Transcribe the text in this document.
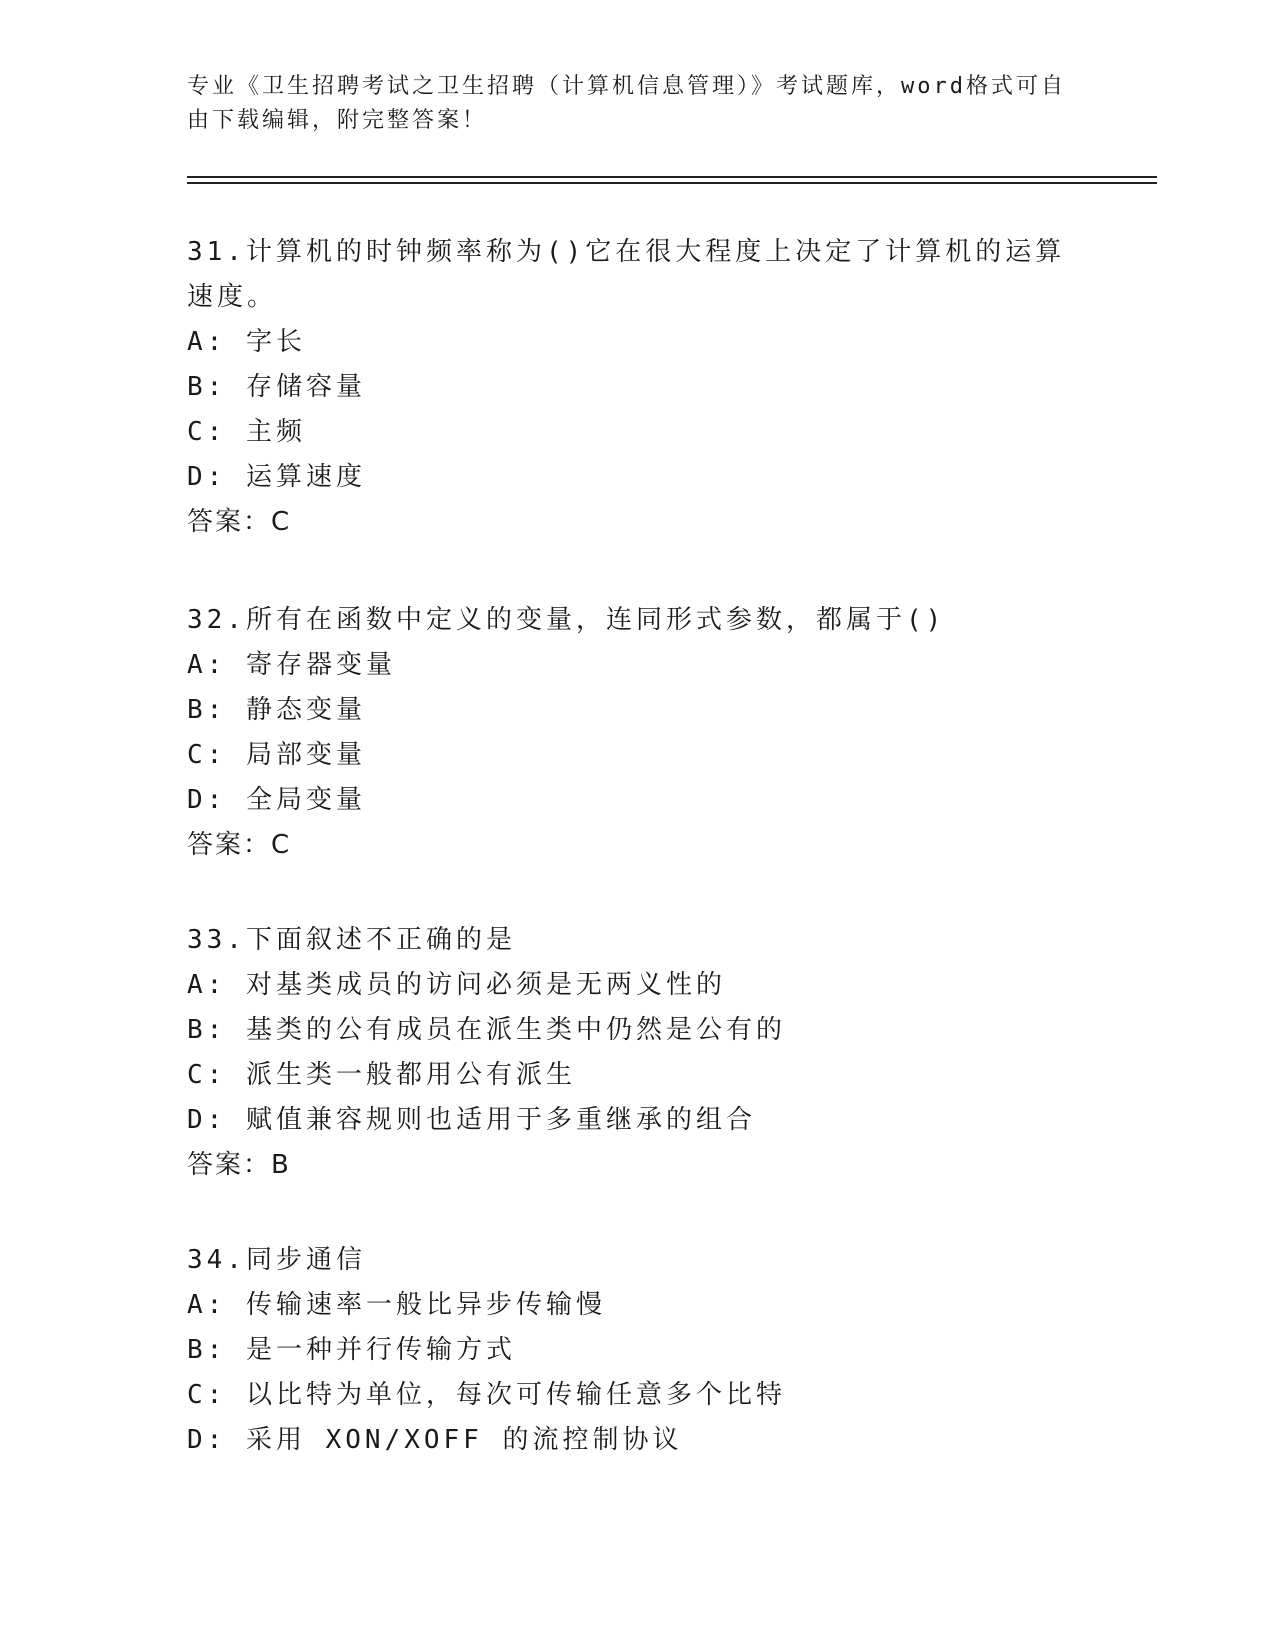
专业《卫生招聘考试之卫生招聘（计算机信息管理）》考试题库，word格式可自由下载编辑，附完整答案！
31.计算机的时钟频率称为()它在很大程度上决定了计算机的运算速度。
A: 字长
B: 存储容量
C: 主频
D: 运算速度
答案：C
32.所有在函数中定义的变量，连同形式参数，都属于()
A: 寄存器变量
B: 静态变量
C: 局部变量
D: 全局变量
答案：C
33.下面叙述不正确的是
A: 对基类成员的访问必须是无两义性的
B: 基类的公有成员在派生类中仍然是公有的
C: 派生类一般都用公有派生
D: 赋值兼容规则也适用于多重继承的组合
答案：B
34.同步通信
A: 传输速率一般比异步传输慢
B: 是一种并行传输方式
C: 以比特为单位，每次可传输任意多个比特
D: 采用 XON/XOFF 的流控制协议
